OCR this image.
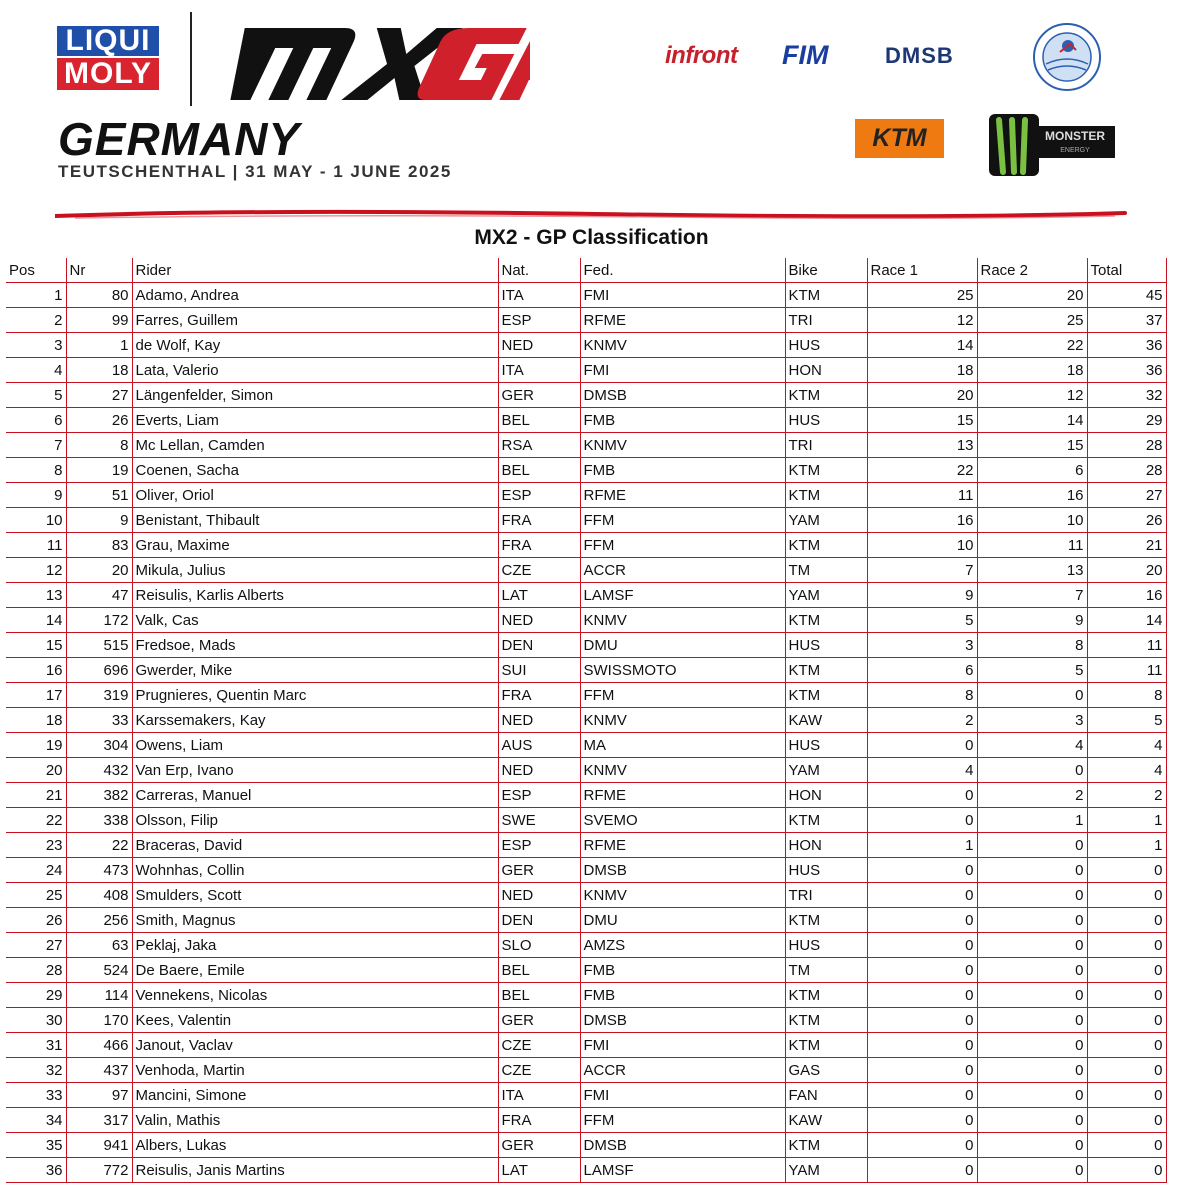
LIQUI
MOLY
GERMANY
TEUTSCHENTHAL | 31 MAY - 1 JUNE 2025
infront FIM	DMSB
KTM	MONSTER
ENERGY
MX2 - GP Classification
Pos	Nr	Rider	Nat.	Fed.	Bike	Race 1	Race 2	Total
1	80	Adamo, Andrea	ITA	FMI	KTM	25	20	45
2	99	Farres, Guillem	ESP	RFME	TRI	12	25	37
3	1	de Wolf, Kay	NED	KNMV	HUS	14	22	36
4	18	Lata, Valerio	ITA	FMI	HON	18	18	36
5	27	Längenfelder, Simon	GER	DMSB	KTM	20	12	32
6	26	Everts, Liam	BEL	FMB	HUS	15	14	29
7	8	Mc Lellan, Camden	RSA	KNMV	TRI	13	15	28
8	19	Coenen, Sacha	BEL	FMB	KTM	22	6	28
9	51	Oliver, Oriol	ESP	RFME	KTM	11	16	27
10	9	Benistant, Thibault	FRA	FFM	YAM	16	10	26
11	83	Grau, Maxime	FRA	FFM	KTM	10	11	21
12	20	Mikula, Julius	CZE	ACCR	TM	7	13	20
13	47	Reisulis, Karlis Alberts	LAT	LAMSF	YAM	9	7	16
14	172	Valk, Cas	NED	KNMV	KTM	5	9	14
15	515	Fredsoe, Mads	DEN	DMU	HUS	3	8	11
16	696	Gwerder, Mike	SUI	SWISSMOTO	KTM	6	5	11
17	319	Prugnieres, Quentin Marc	FRA	FFM	KTM	8	0	8
18	33	Karssemakers, Kay	NED	KNMV	KAW	2	3	5
19	304	Owens, Liam	AUS	MA	HUS	0	4	4
20	432	Van Erp, Ivano	NED	KNMV	YAM	4	0	4
21	382	Carreras, Manuel	ESP	RFME	HON	0	2	2
22	338	Olsson, Filip	SWE	SVEMO	KTM	0	1	1
23	22	Braceras, David	ESP	RFME	HON	1	0	1
24	473	Wohnhas, Collin	GER	DMSB	HUS	0	0	0
25	408	Smulders, Scott	NED	KNMV	TRI	0	0	0
26	256	Smith, Magnus	DEN	DMU	KTM	0	0	0
27	63	Peklaj, Jaka	SLO	AMZS	HUS	0	0	0
28	524	De Baere, Emile	BEL	FMB	TM	0	0	0
29	114	Vennekens, Nicolas	BEL	FMB	KTM	0	0	0
30	170	Kees, Valentin	GER	DMSB	KTM	0	0	0
31	466	Janout, Vaclav	CZE	FMI	KTM	0	0	0
32	437	Venhoda, Martin	CZE	ACCR	GAS	0	0	0
33	97	Mancini, Simone	ITA	FMI	FAN	0	0	0
34	317	Valin, Mathis	FRA	FFM	KAW	0	0	0
35	941	Albers, Lukas	GER	DMSB	KTM	0	0	0
36	772	Reisulis, Janis Martins	LAT	LAMSF	YAM	0	0	0
